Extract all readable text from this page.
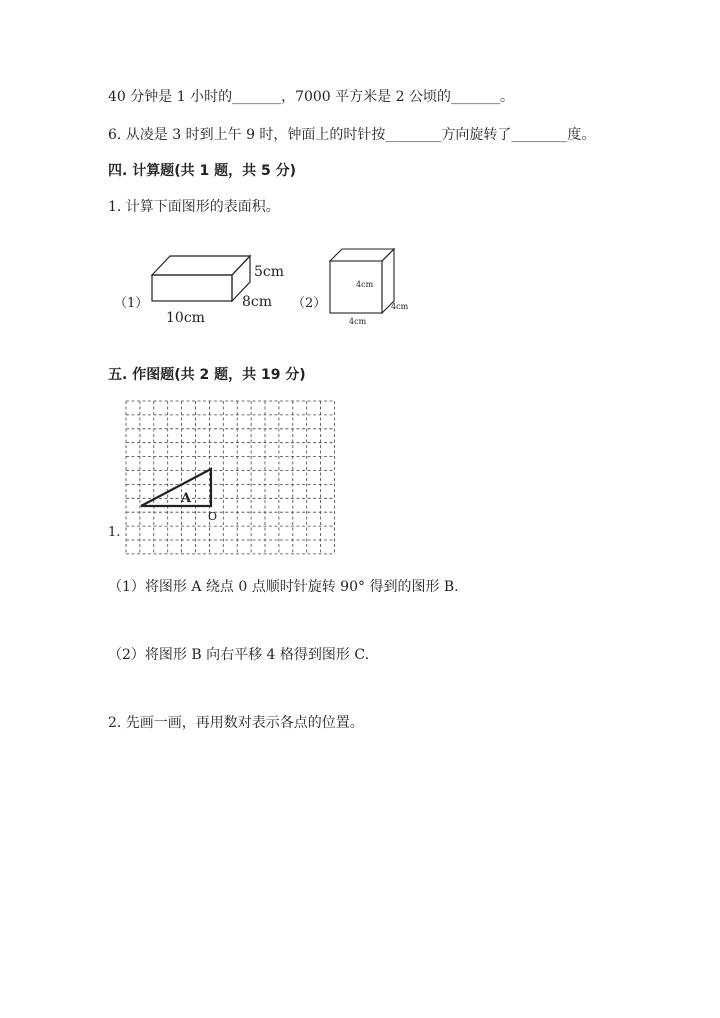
40 分钟是 1 小时的_______，7000 平方米是 2 公顷的_______。
6. 从凌是 3 时到上午 9 时，钟面上的时针按________方向旋转了________度。
四. 计算题(共 1 题，共 5 分)
1. 计算下面图形的表面积。
（1）
5cm
8cm
10cm
（2）
4cm
4cm
4cm
五. 作图题(共 2 题，共 19 分)
A
O
1.
（1）将图形 A 绕点 0 点顺时针旋转 90° 得到的图形 B.
（2）将图形 B 向右平移 4 格得到图形 C.
2. 先画一画，再用数对表示各点的位置。
